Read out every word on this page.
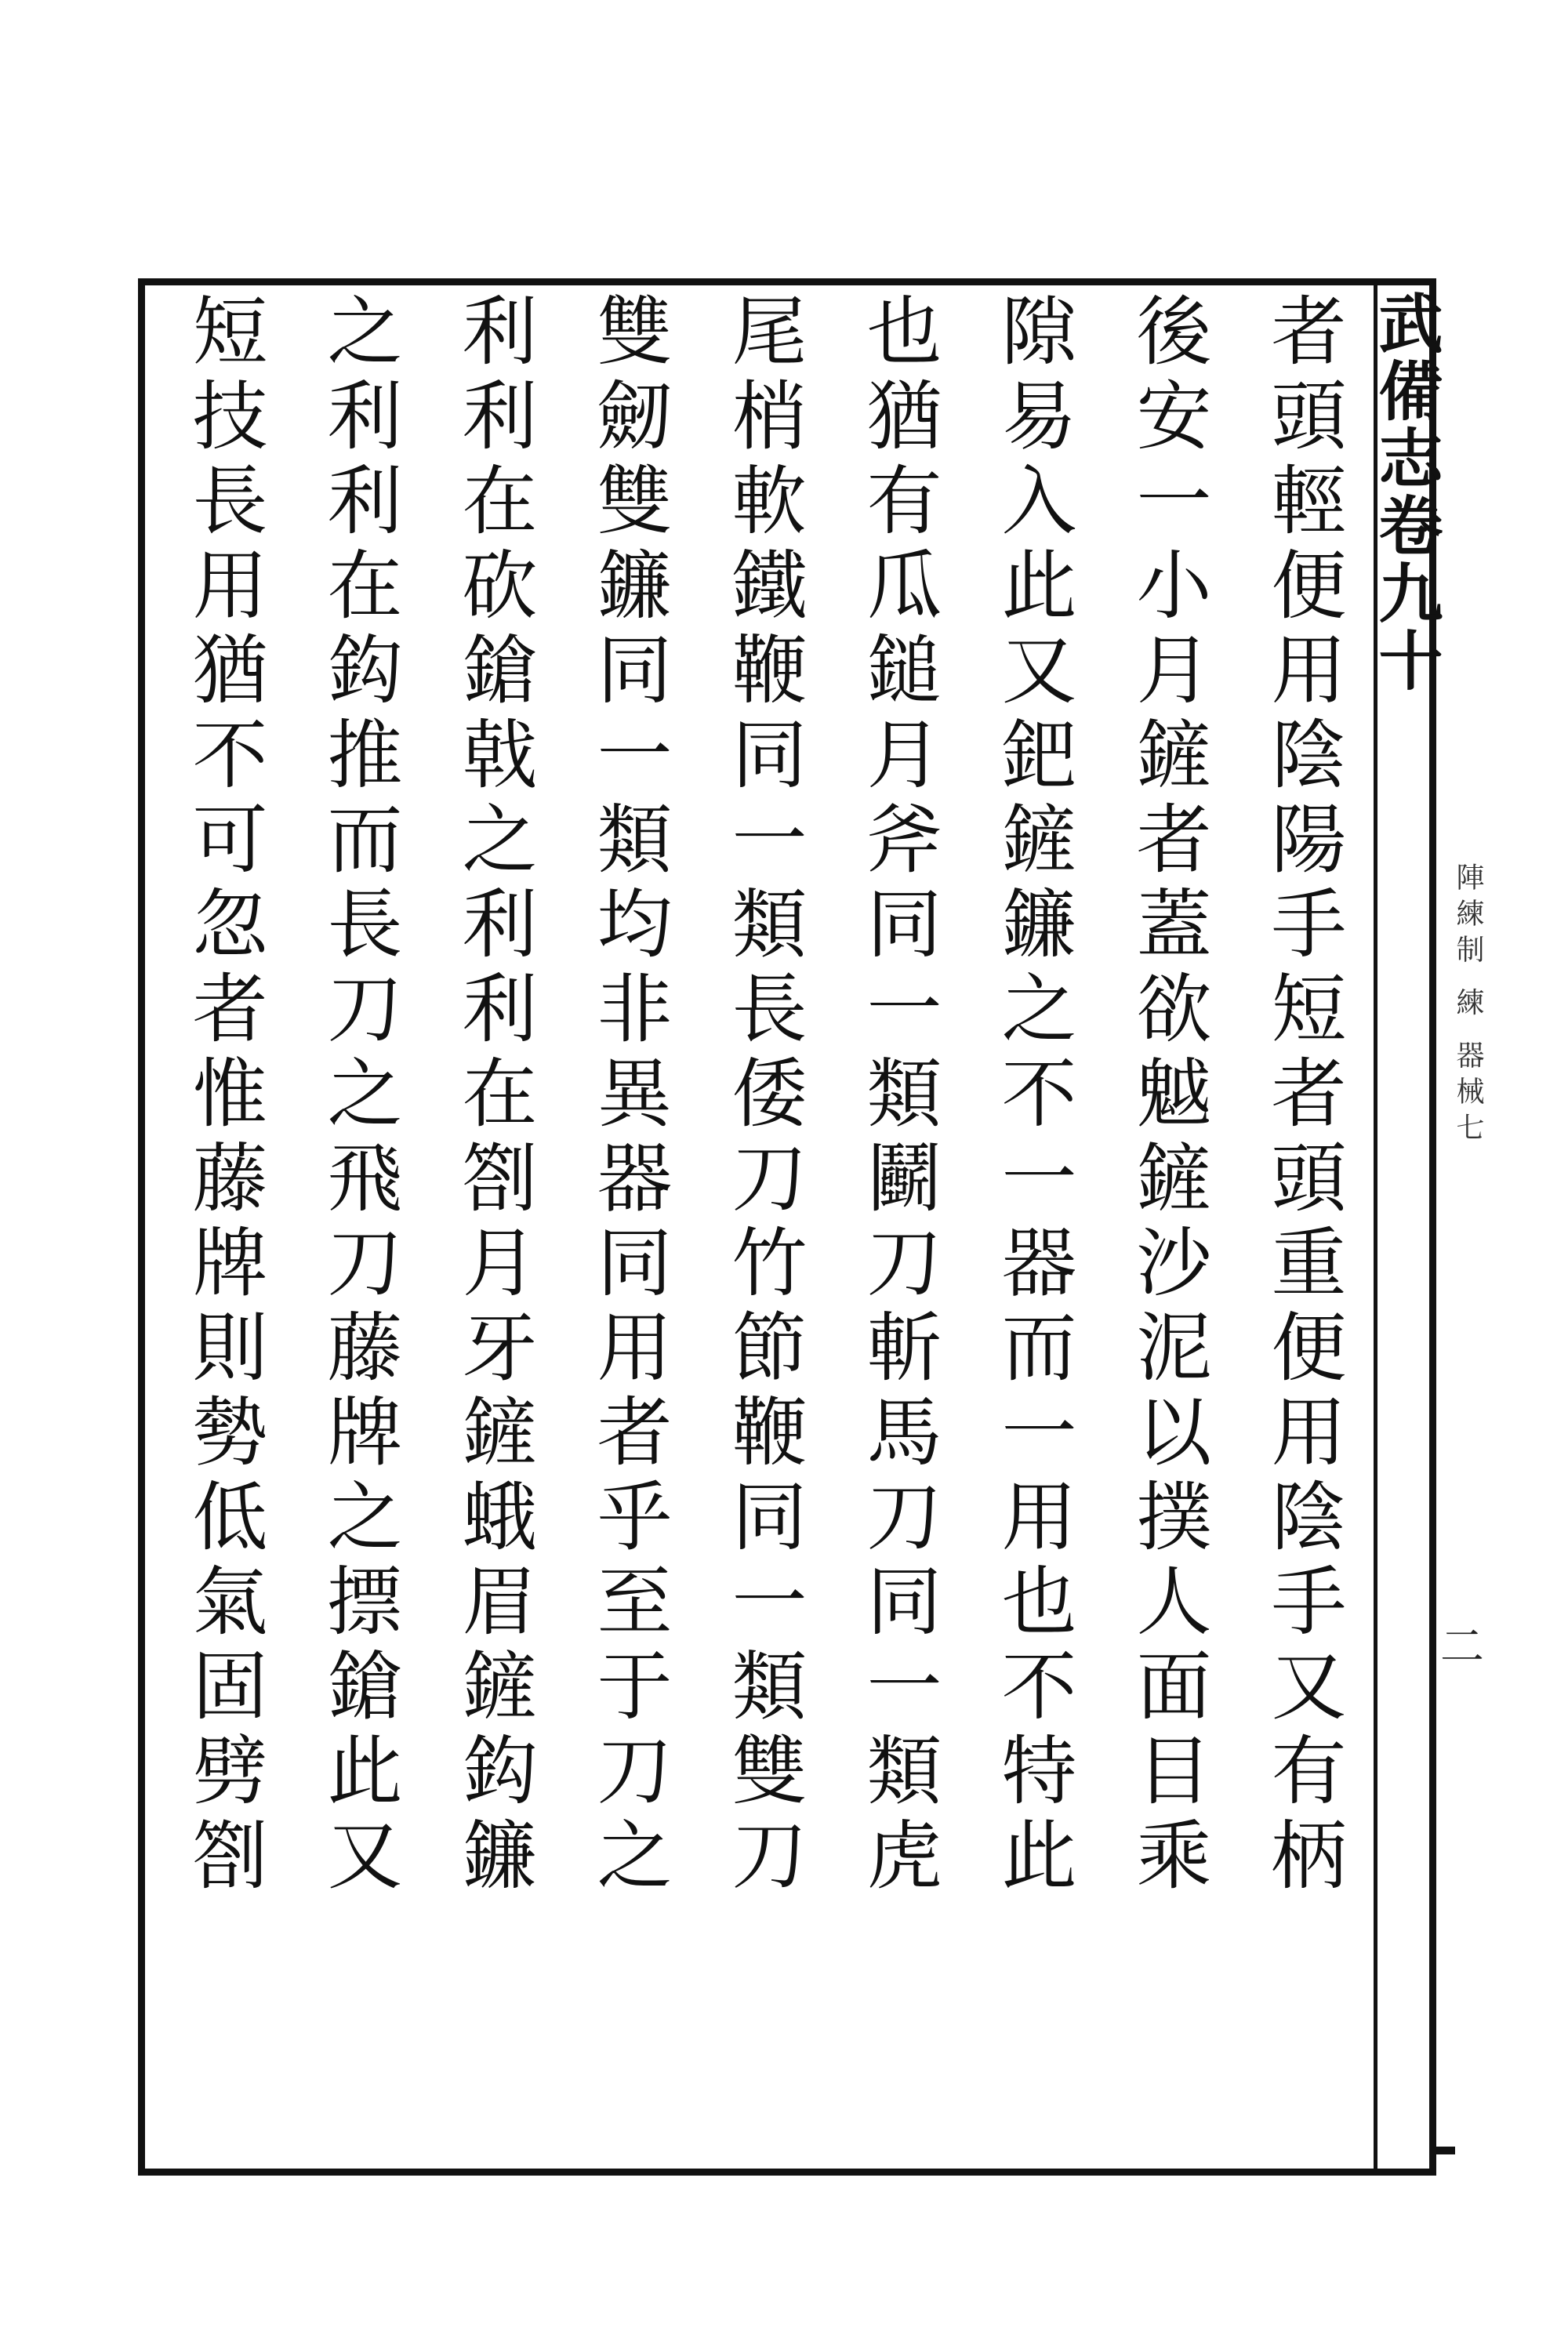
武備志卷九十
陣練制 練 器械七
二
者頭輕便用陰陽手短者頭重便用陰手又有柄
後安一小月鏟者蓋欲魆鏟沙泥以撲人面目乘
隙易入此又鈀鏟鐮之不一器而一用也不特此
也猶有瓜鎚月斧同一類鬬刀斬馬刀同一類虎
尾梢軟鐵鞭同一類長倭刀竹節鞭同一類雙刀
雙劒雙鐮同一類均非異器同用者乎至于刀之
利利在砍鎗戟之利利在劄月牙鏟蛾眉鏟鈎鐮
之利利在鈎推而長刀之飛刀藤牌之摽鎗此又
短技長用猶不可忽者惟藤牌則勢低氣固劈劄
